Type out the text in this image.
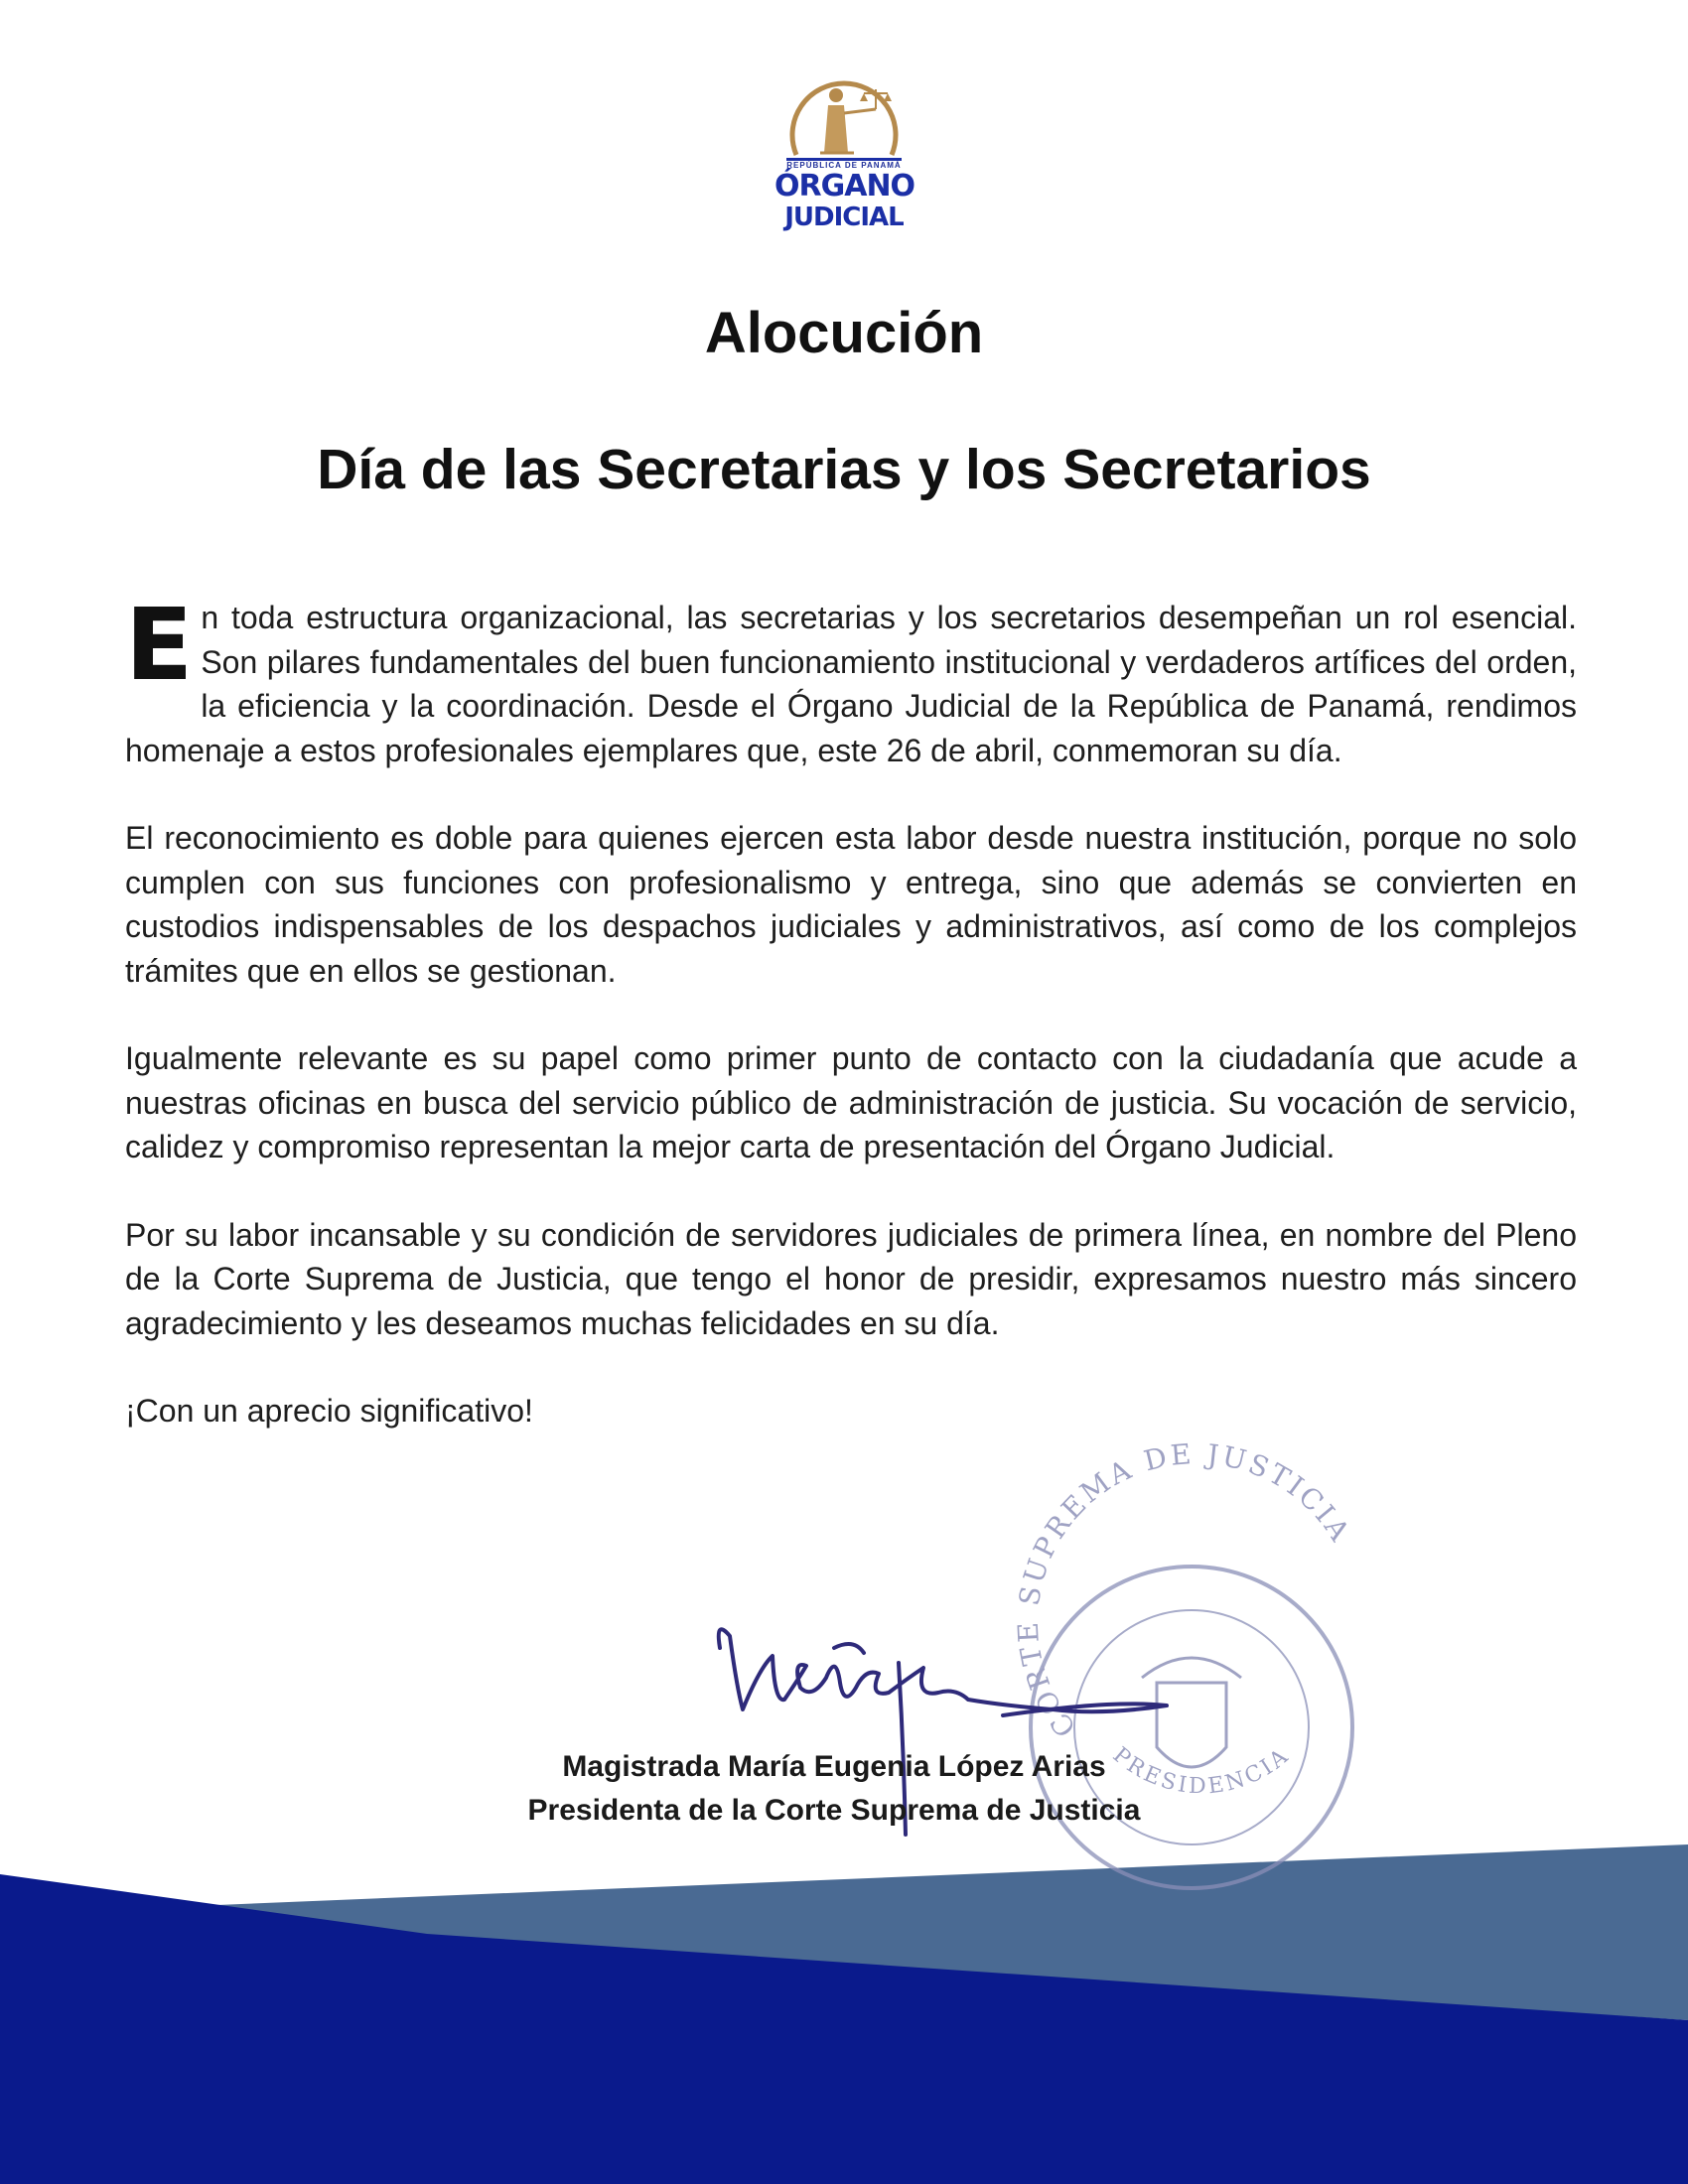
REPÚBLICA DE PANAMÁ
ÓRGANO
JUDICIAL
Alocución
Día de las Secretarias y los Secretarios

En toda estructura organizacional, las secretarias y los secretarios desempeñan un rol esencial. Son pilares fundamentales del buen funcionamiento institucional y verdaderos artífices del orden, la eficiencia y la coordinación. Desde el Órgano Judicial de la República de Panamá, rendimos homenaje a estos profesionales ejemplares que, este 26 de abril, conmemoran su día.

El reconocimiento es doble para quienes ejercen esta labor desde nuestra institución, porque no solo cumplen con sus funciones con profesionalismo y entrega, sino que además se convierten en custodios indispensables de los despachos judiciales y administrativos, así como de los complejos trámites que en ellos se gestionan.

Igualmente relevante es su papel como primer punto de contacto con la ciudadanía que acude a nuestras oficinas en busca del servicio público de administración de justicia. Su vocación de servicio, calidez y compromiso representan la mejor carta de presentación del Órgano Judicial.

Por su labor incansable y su condición de servidores judiciales de primera línea, en nombre del Pleno de la Corte Suprema de Justicia, que tengo el honor de presidir, expresamos nuestro más sincero agradecimiento y les deseamos muchas felicidades en su día.

¡Con un aprecio significativo!

CORTE SUPREMA DE JUSTICIA
PRESIDENCIA
Magistrada María Eugenia López Arias
Presidenta de la Corte Suprema de Justicia
